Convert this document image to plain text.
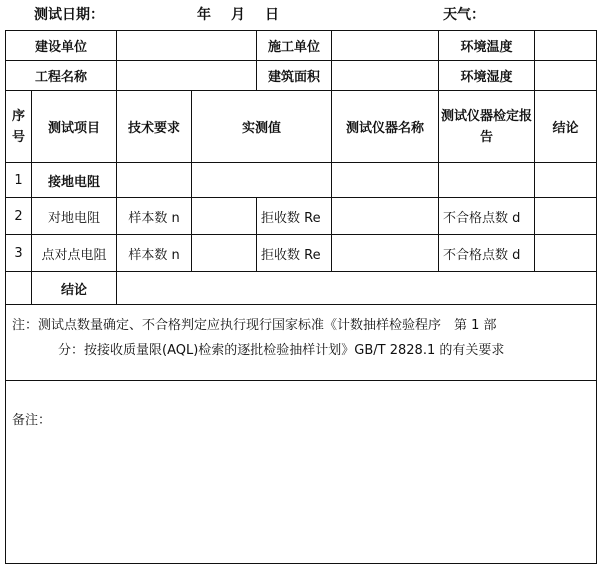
测试日期：	年 月 日	天气：
建设单位				施工单位		环境温度	
工程名称				建筑面积		环境湿度	
序号	测试项目	技术要求	实测值		测试仪器名称	测试仪器检定报告	结论
1	接地电阻						
2	对地电阻	样本数 n		拒收数 Re		不合格点数 d	
3	点对点电阻	样本数 n		拒收数 Re		不合格点数 d	
	结论						
注：测试点数量确定、不合格判定应执行现行国家标准《计数抽样检验程序　第 1 部
分：按接收质量限(AQL)检索的逐批检验抽样计划》GB/T 2828.1 的有关要求							

备注：							
